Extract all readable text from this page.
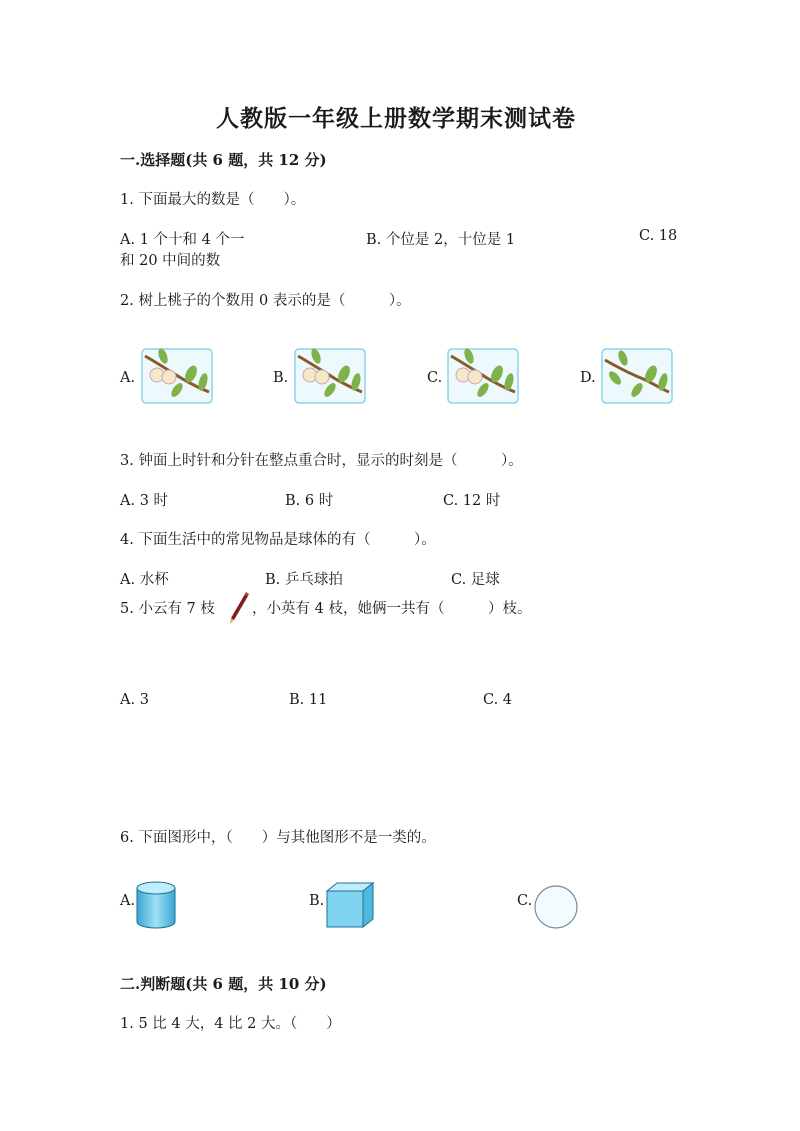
人教版一年级上册数学期末测试卷
一.选择题(共 6 题，共 12 分)
1. 下面最大的数是（　　）。
A. 1 个十和 4 个一
和 20 中间的数
B. 个位是 2，十位是 1	C. 18
2. 树上桃子的个数用 0 表示的是（　　　）。
A.	B.	C.	D.
3. 钟面上时针和分针在整点重合时，显示的时刻是（　　　）。
A. 3 时	B. 6 时	C. 12 时
4. 下面生活中的常见物品是球体的有（　　　）。
A. 水杯	B. 乒乓球拍	C. 足球
5. 小云有 7 枝	，小英有 4 枝，她俩一共有（　　　）枝。
A. 3	B. 11	C. 4
6. 下面图形中，（　　）与其他图形不是一类的。
A.	B.	C.
二.判断题(共 6 题，共 10 分)
1. 5 比 4 大，4 比 2 大。（　　）
